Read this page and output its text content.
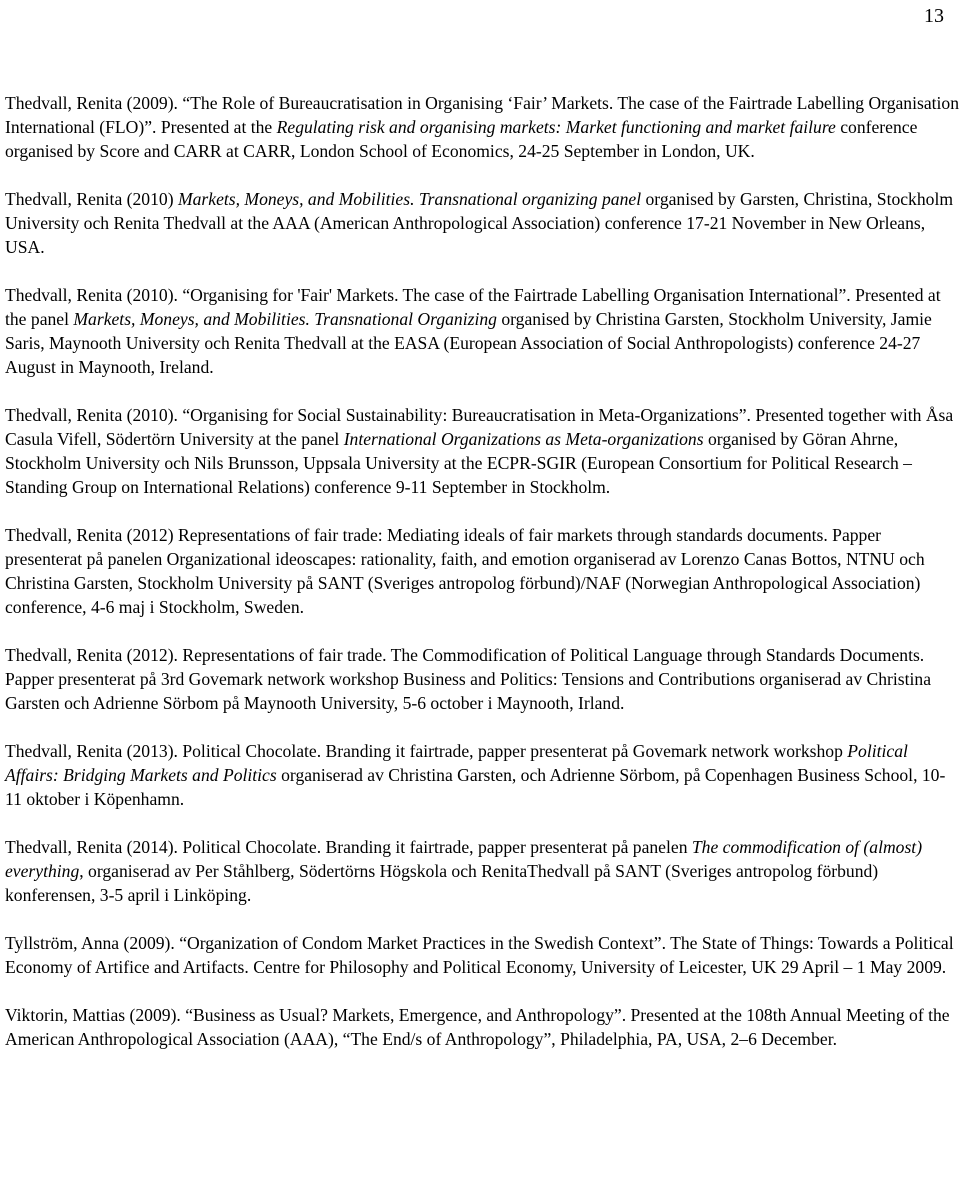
13

Thedvall, Renita (2009). “The Role of Bureaucratisation in Organising ‘Fair’ Markets. The case of the Fairtrade Labelling Organisation International (FLO)”. Presented at the Regulating risk and organising markets: Market functioning and market failure conference organised by Score and CARR at CARR, London School of Economics, 24-25 September in London, UK.

Thedvall, Renita (2010) Markets, Moneys, and Mobilities. Transnational organizing panel organised by Garsten, Christina, Stockholm University och Renita Thedvall at the AAA (American Anthropological Association) conference 17-21 November in New Orleans, USA.

Thedvall, Renita (2010). “Organising for 'Fair' Markets. The case of the Fairtrade Labelling Organisation International”. Presented at the panel Markets, Moneys, and Mobilities. Transnational Organizing organised by Christina Garsten, Stockholm University, Jamie Saris, Maynooth University och Renita Thedvall at the EASA (European Association of Social Anthropologists) conference 24-27 August in Maynooth, Ireland.

Thedvall, Renita (2010). “Organising for Social Sustainability: Bureaucratisation in Meta-Organizations”. Presented together with Åsa Casula Vifell, Södertörn University at the panel International Organizations as Meta-organizations organised by Göran Ahrne, Stockholm University och Nils Brunsson, Uppsala University at the ECPR-SGIR (European Consortium for Political Research – Standing Group on International Relations) conference 9-11 September in Stockholm.

Thedvall, Renita (2012) Representations of fair trade: Mediating ideals of fair markets through standards documents. Papper presenterat på panelen Organizational ideoscapes: rationality, faith, and emotion organiserad av Lorenzo Canas Bottos, NTNU och Christina Garsten, Stockholm University på SANT (Sveriges antropolog förbund)/NAF (Norwegian Anthropological Association) conference, 4-6 maj i Stockholm, Sweden.

Thedvall, Renita (2012). Representations of fair trade. The Commodification of Political Language through Standards Documents. Papper presenterat på 3rd Govemark network workshop Business and Politics: Tensions and Contributions organiserad av Christina Garsten och Adrienne Sörbom på Maynooth University, 5-6 october i Maynooth, Irland.

Thedvall, Renita (2013). Political Chocolate. Branding it fairtrade, papper presenterat på Govemark network workshop Political Affairs: Bridging Markets and Politics organiserad av Christina Garsten, och Adrienne Sörbom, på Copenhagen Business School, 10-11 oktober i Köpenhamn.

Thedvall, Renita (2014). Political Chocolate. Branding it fairtrade, papper presenterat på panelen The commodification of (almost) everything, organiserad av Per Ståhlberg, Södertörns Högskola och RenitaThedvall på SANT (Sveriges antropolog förbund) konferensen, 3-5 april i Linköping.

Tyllström, Anna (2009). “Organization of Condom Market Practices in the Swedish Context”. The State of Things: Towards a Political Economy of Artifice and Artifacts. Centre for Philosophy and Political Economy, University of Leicester, UK 29 April – 1 May 2009.

Viktorin, Mattias (2009). “Business as Usual? Markets, Emergence, and Anthropology”. Presented at the 108th Annual Meeting of the American Anthropological Association (AAA), “The End/s of Anthropology”, Philadelphia, PA, USA, 2–6 December.
